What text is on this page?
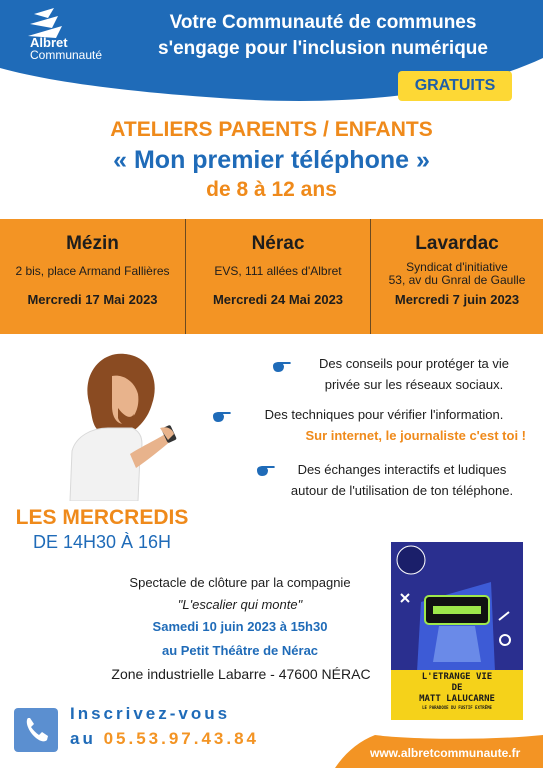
Albret
Communauté
Votre Communauté de communes
s'engage pour l'inclusion numérique
GRATUITS
ATELIERS PARENTS / ENFANTS
« Mon premier téléphone »
de 8 à 12 ans
Mézin
2 bis, place Armand Fallières
Mercredi 17 Mai 2023
Nérac
EVS, 111 allées d'Albret
Mercredi 24 Mai 2023
Lavardac
Syndicat d'initiative
53, av du Gnral de Gaulle
Mercredi 7 juin 2023
Des conseils pour protéger ta vie
privée sur les réseaux sociaux.
Des techniques pour vérifier l'information.
Sur internet, le journaliste c'est toi !
Des échanges interactifs et ludiques
autour de l'utilisation de ton téléphone.
LES MERCREDIS
DE 14H30 À 16H
Spectacle de clôture par la compagnie
"L'escalier qui monte"
Samedi 10 juin 2023 à 15h30
au Petit Théâtre de Nérac
Zone industrielle Labarre - 47600 NÉRAC	L'ETRANGE VIE
DE
MATT LALUCARNE
LE PARADOXE DU FUSTIF EXTRÊME
Inscrivez-vous
au 05.53.97.43.84
www.albretcommunaute.fr
